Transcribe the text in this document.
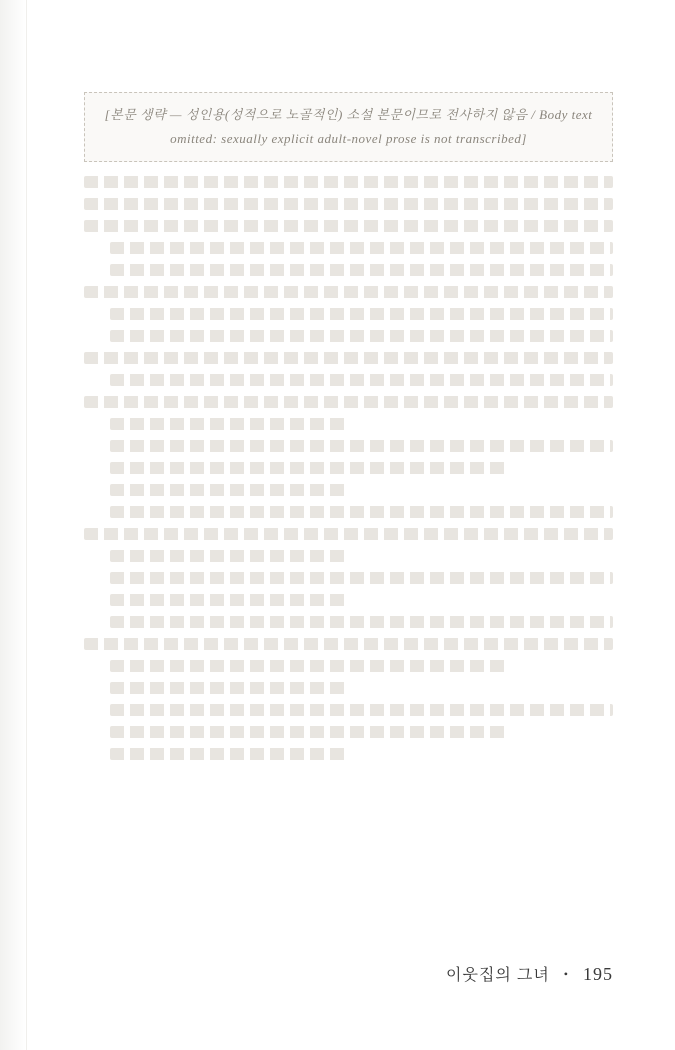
[본문 생략 — 성인용(성적으로 노골적인) 소설 본문이므로 전사하지 않음 / Body text omitted: sexually explicit adult-novel prose is not transcribed]
이웃집의 그녀 • 195
